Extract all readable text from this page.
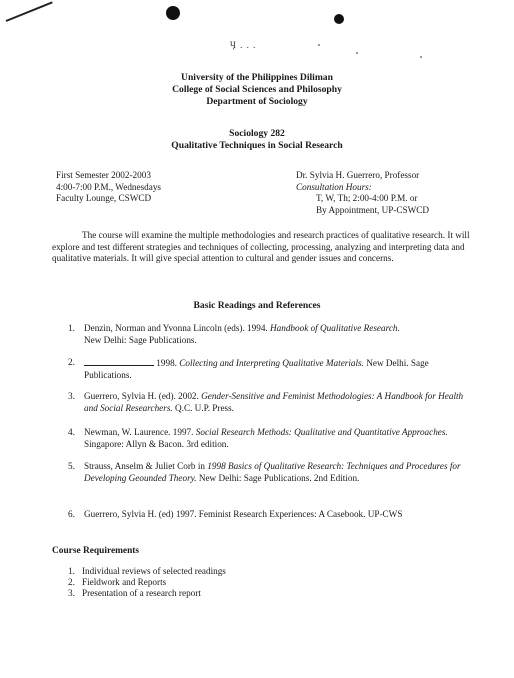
Ӌ . . .
University of the Philippines Diliman
College of Social Sciences and Philosophy
Department of Sociology
Sociology 282
Qualitative Techniques in Social Research
First Semester 2002-2003
4:00-7:00 P.M., Wednesdays
Faculty Lounge, CSWCD
Dr. Sylvia H. Guerrero, Professor
Consultation Hours:
T, W, Th; 2:00-4:00 P.M. or
By Appointment, UP-CSWCD
The course will examine the multiple methodologies and research practices of qualitative research. It will explore and test different strategies and techniques of collecting, processing, analyzing and interpreting data and qualitative materials. It will give special attention to cultural and gender issues and concerns.
Basic Readings and References
1. Denzin, Norman and Yvonna Lincoln (eds). 1994. Handbook of Qualitative Research.
New Delhi: Sage Publications.
2.	1998. Collecting and Interpreting Qualitative Materials. New Delhi. Sage Publications.
3. Guerrero, Sylvia H. (ed). 2002. Gender-Sensitive and Feminist Methodologies: A Handbook for Health and Social Researchers. Q.C. U.P. Press.
4. Newman, W. Laurence. 1997. Social Research Methods: Qualitative and Quantitative Approaches. Singapore: Allyn & Bacon. 3rd edition.
5. Strauss, Anselm & Juliet Corb in 1998 Basics of Qualitative Research: Techniques and Procedures for Developing Geounded Theory. New Delhi: Sage Publications. 2nd Edition.
6. Guerrero, Sylvia H. (ed) 1997. Feminist Research Experiences: A Casebook. UP-CWS
Course Requirements
1. Individual reviews of selected readings
2. Fieldwork and Reports
3. Presentation of a research report
